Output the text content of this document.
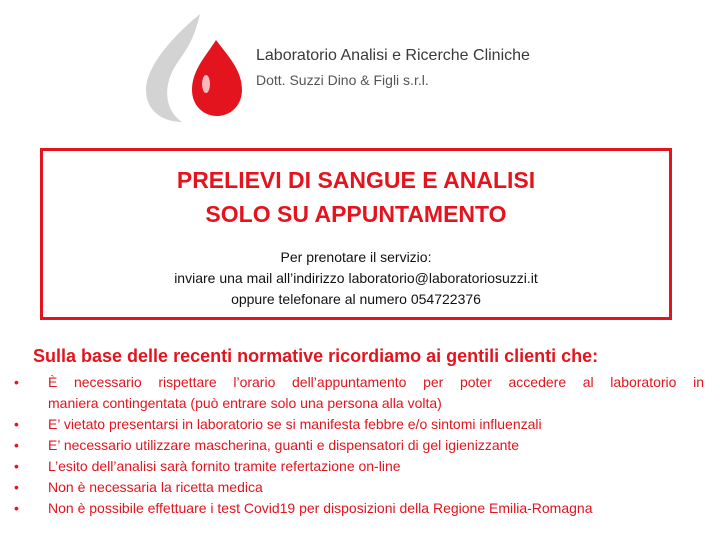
Laboratorio Analisi e Ricerche Cliniche
Dott. Suzzi Dino & Figli s.r.l.
PRELIEVI DI SANGUE E ANALISI
SOLO SU APPUNTAMENTO
Per prenotare il servizio:
inviare una mail all’indirizzo laboratorio@laboratoriosuzzi.it
oppure telefonare al numero 054722376
Sulla base delle recenti normative ricordiamo ai gentili clienti che:
• È necessario rispettare l’orario dell’appuntamento per poter accedere al laboratorio in
maniera contingentata (può entrare solo una persona alla volta)
• E’ vietato presentarsi in laboratorio se si manifesta febbre e/o sintomi influenzali
• E’ necessario utilizzare mascherina, guanti e dispensatori di gel igienizzante
• L’esito dell’analisi sarà fornito tramite refertazione on-line
• Non è necessaria la ricetta medica
• Non è possibile effettuare i test Covid19 per disposizioni della Regione Emilia-Romagna
